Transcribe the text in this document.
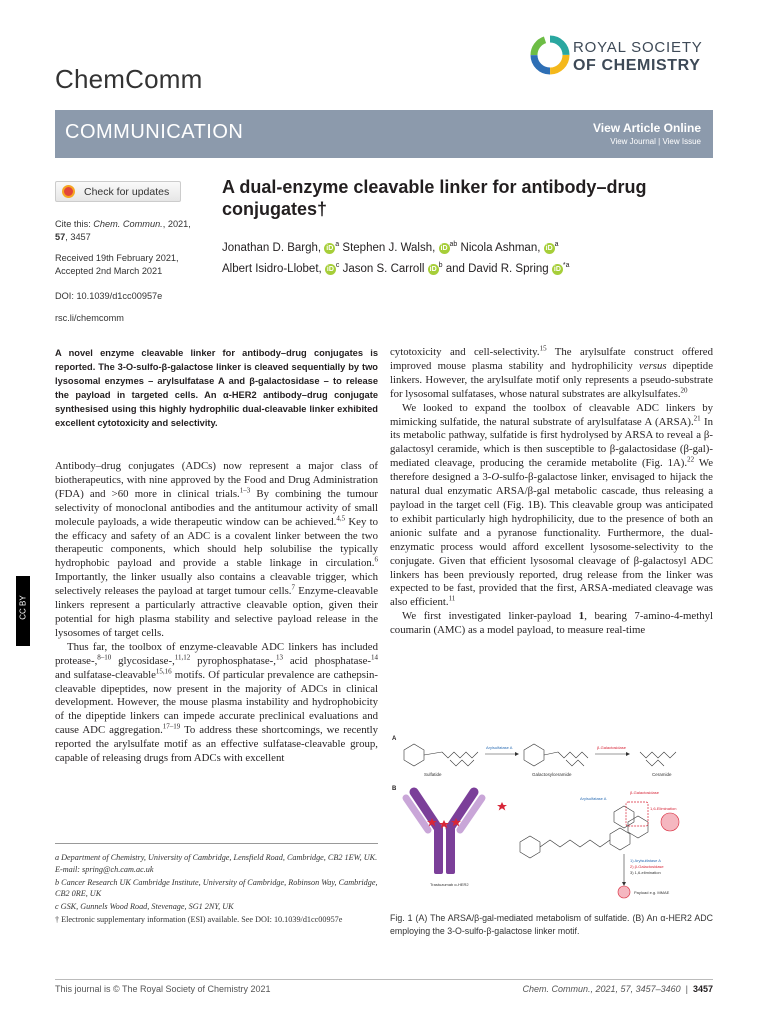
ChemComm
ROYAL SOCIETY
OF CHEMISTRY
COMMUNICATION	View Article Online
View Journal | View Issue
Check for updates
Cite this: Chem. Commun., 2021,
57, 3457
Received 19th February 2021,
Accepted 2nd March 2021
DOI: 10.1039/d1cc00957e
rsc.li/chemcomm
A dual-enzyme cleavable linker for antibody–drug conjugates†
Jonathan D. Bargh, iD$^a$ Stephen J. Walsh, iD$^{ab}$ Nicola Ashman, iD$^a$
Albert Isidro-Llobet, iD$^c$ Jason S. Carroll iD$^b$ and David R. Spring iD$^{*a}$
A novel enzyme cleavable linker for antibody–drug conjugates is reported. The 3-O-sulfo-β-galactose linker is cleaved sequentially by two lysosomal enzymes – arylsulfatase A and β-galactosidase – to release the payload in targeted cells. An α-HER2 antibody–drug conjugate synthesised using this highly hydrophilic dual-cleavable linker exhibited excellent cytotoxicity and selectivity.

Antibody–drug conjugates (ADCs) now represent a major class of biotherapeutics, with nine approved by the Food and Drug Administration (FDA) and >60 more in clinical trials.$^{1-3}$ By combining the tumour selectivity of monoclonal antibodies and the antitumour activity of small molecule payloads, a wide therapeutic window can be achieved.$^{4,5}$ Key to the efficacy and safety of an ADC is a covalent linker between the two therapeutic components, which should help solubilise the typically hydrophobic payload and provide a stable linkage in circulation.$^6$ Importantly, the linker usually also contains a cleavable trigger, which selectively releases the payload at target tumour cells.$^7$ Enzyme-cleavable linkers represent a particularly attractive cleavable option, given their potential for high plasma stability and selective payload release in the lysosomes of target cells.

Thus far, the toolbox of enzyme-cleavable ADC linkers has included protease-,$^{8-10}$ glycosidase-,$^{11,12}$ pyrophosphatase-,$^{13}$ acid phosphatase-$^{14}$ and sulfatase-cleavable$^{15,16}$ motifs. Of particular prevalence are cathepsin-cleavable dipeptides, now present in the majority of ADCs in clinical development. However, the mouse plasma instability and hydrophobicity of the dipeptide linkers can impede accurate preclinical evaluations and cause ADC aggregation.$^{17-19}$ To address these shortcomings, we recently reported the arylsulfate motif as an effective sulfatase-cleavable group, capable of releasing drugs from ADCs with excellent

CC BY

a Department of Chemistry, University of Cambridge, Lensfield Road, Cambridge, CB2 1EW, UK. E-mail: spring@ch.cam.ac.uk

b Cancer Research UK Cambridge Institute, University of Cambridge, Robinson Way, Cambridge, CB2 0RE, UK

c GSK, Gunnels Wood Road, Stevenage, SG1 2NY, UK

† Electronic supplementary information (ESI) available. See DOI: 10.1039/d1cc00957e

cytotoxicity and cell-selectivity.$^{15}$ The arylsulfate construct offered improved mouse plasma stability and hydrophilicity versus dipeptide linkers. However, the arylsulfate motif only represents a pseudo-substrate for lysosomal sulfatases, whose natural substrates are alkylsulfates.$^{20}$

We looked to expand the toolbox of cleavable ADC linkers by mimicking sulfatide, the natural substrate of arylsulfatase A (ARSA).$^{21}$ In its metabolic pathway, sulfatide is first hydrolysed by ARSA to reveal a β-galactosyl ceramide, which is then susceptible to β-galactosidase (β-gal)-mediated cleavage, producing the ceramide metabolite (Fig. 1A).$^{22}$ We therefore designed a 3-O-sulfo-β-galactose linker, envisaged to hijack the natural dual enzymatic ARSA/β-gal metabolic cascade, thus releasing a payload in the target cell (Fig. 1B). This cleavable group was anticipated to exhibit particularly high hydrophilicity, due to the presence of both an anionic sulfate and a pyranose functionality. Furthermore, the dual-enzymatic process would afford excellent lysosome-selectivity to the conjugate. Given that efficient lysosomal cleavage of β-galactosyl ADC linkers has been previously reported, drug release from the linker was expected to be fast, provided that the first, ARSA-mediated cleavage was also efficient.$^{11}$

We first investigated linker-payload 1, bearing 7-amino-4-methyl coumarin (AMC) as a model payload, to measure real-time

A
Sulfatide
Arylsulfatase A
Galactosylceramide
β-Galactosidase
Ceramide
B
Trastuzumab α-HER2
Arylsulfatase A
β-Galactosidase
1,6-Elimination
1) Arylsulfatase A
2) β-Galactosidase
3) 1,6-elimination
Payload e.g. MMAE
Fig. 1 (A) The ARSA/β-gal-mediated metabolism of sulfatide. (B) An α-HER2 ADC employing the 3-O-sulfo-β-galactose linker motif.
This journal is © The Royal Society of Chemistry 2021	Chem. Commun., 2021, 57, 3457–3460  |  3457
